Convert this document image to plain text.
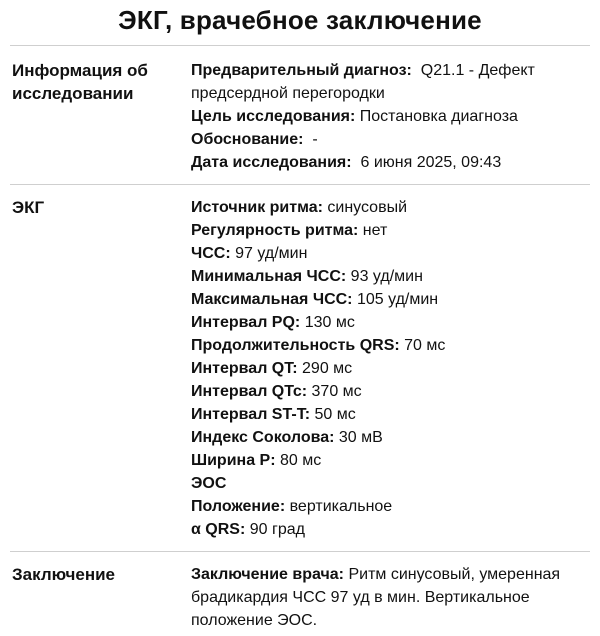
ЭКГ, врачебное заключение
Информация об
исследовании
Предварительный диагноз: Q21.1 - Дефект предсердной перегородки
Цель исследования: Постановка диагноза
Обоснование: -
Дата исследования: 6 июня 2025, 09:43
ЭКГ	Источник ритма: синусовый
Регулярность ритма: нет
ЧСС: 97 уд/мин
Минимальная ЧСС: 93 уд/мин
Максимальная ЧСС: 105 уд/мин
Интервал PQ: 130 мс
Продолжительность QRS: 70 мс
Интервал QT: 290 мс
Интервал QTc: 370 мс
Интервал ST-T: 50 мс
Индекс Соколова: 30 мВ
Ширина P: 80 мс
ЭОС
Положение: вертикальное
α QRS: 90 град
Заключение	Заключение врача: Ритм синусовый, умеренная брадикардия ЧСС 97 уд в мин. Вертикальное положение ЭОС.
